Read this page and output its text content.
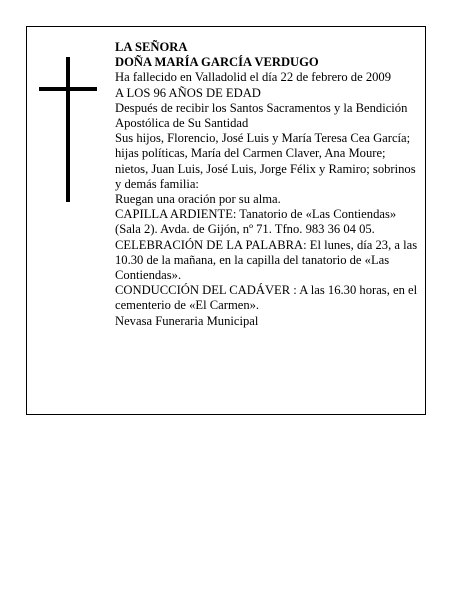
LA SEÑORA

DOÑA MARÍA GARCÍA VERDUGO

Ha fallecido en Valladolid el día 22 de febrero de 2009

A LOS 96 AÑOS DE EDAD

Después de recibir los Santos Sacramentos y la Bendición Apostólica de Su Santidad

Sus hijos, Florencio, José Luis y María Teresa Cea García; hijas políticas, María del Carmen Claver, Ana Moure; nietos, Juan Luis, José Luis, Jorge Félix y Ramiro; sobrinos y demás familia:

Ruegan una oración por su alma.

CAPILLA ARDIENTE: Tanatorio de «Las Contiendas» (Sala 2). Avda. de Gijón, nº 71. Tfno. 983 36 04 05.

CELEBRACIÓN DE LA PALABRA: El lunes, día 23, a las 10.30 de la mañana, en la capilla del tanatorio de «Las Contiendas».

CONDUCCIÓN DEL CADÁVER : A las 16.30 horas, en el cementerio de «El Carmen».

Nevasa Funeraria Municipal
